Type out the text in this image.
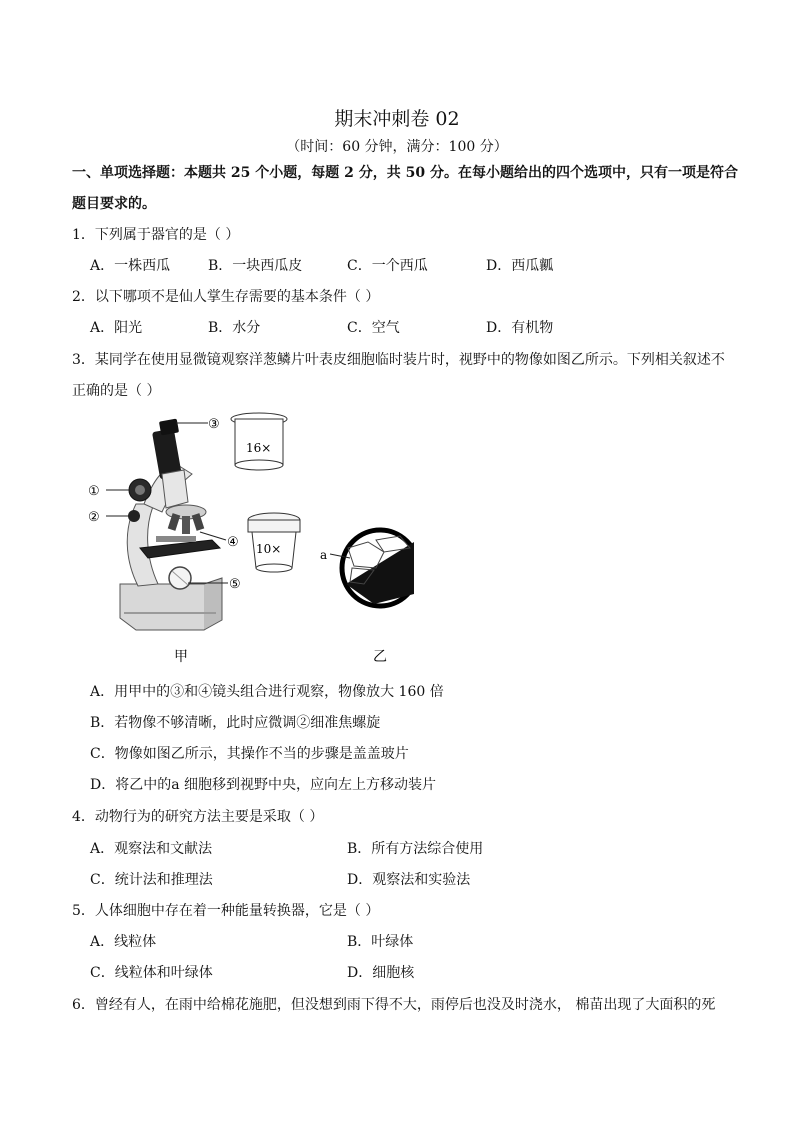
期末冲刺卷 02
（时间：60 分钟，满分：100 分）
一、单项选择题：本题共 25 个小题，每题 2 分，共 50 分。在每小题给出的四个选项中，只有一项是符合
题目要求的。
1．下列属于器官的是（ ）
A．一株西瓜	B．一块西瓜皮	C．一个西瓜	D．西瓜瓤
2．以下哪项不是仙人掌生存需要的基本条件（ ）
A．阳光	B．水分	C．空气	D．有机物
3．某同学在使用显微镜观察洋葱鳞片叶表皮细胞临时装片时，视野中的物像如图乙所示。下列相关叙述不
正确的是（ ）
③
①
②
④
⑤
16×
10×	a
甲	乙
A．用甲中的③和④镜头组合进行观察，物像放大 160 倍
B．若物像不够清晰，此时应微调②细准焦螺旋
C．物像如图乙所示，其操作不当的步骤是盖盖玻片
D．将乙中的a 细胞移到视野中央，应向左上方移动装片
4．动物行为的研究方法主要是采取（ ）
A．观察法和文献法	B．所有方法综合使用
C．统计法和推理法	D．观察法和实验法
5．人体细胞中存在着一种能量转换器，它是（ ）
A．线粒体	B．叶绿体
C．线粒体和叶绿体	D．细胞核
6．曾经有人，在雨中给棉花施肥，但没想到雨下得不大，雨停后也没及时浇水， 棉苗出现了大面积的死
